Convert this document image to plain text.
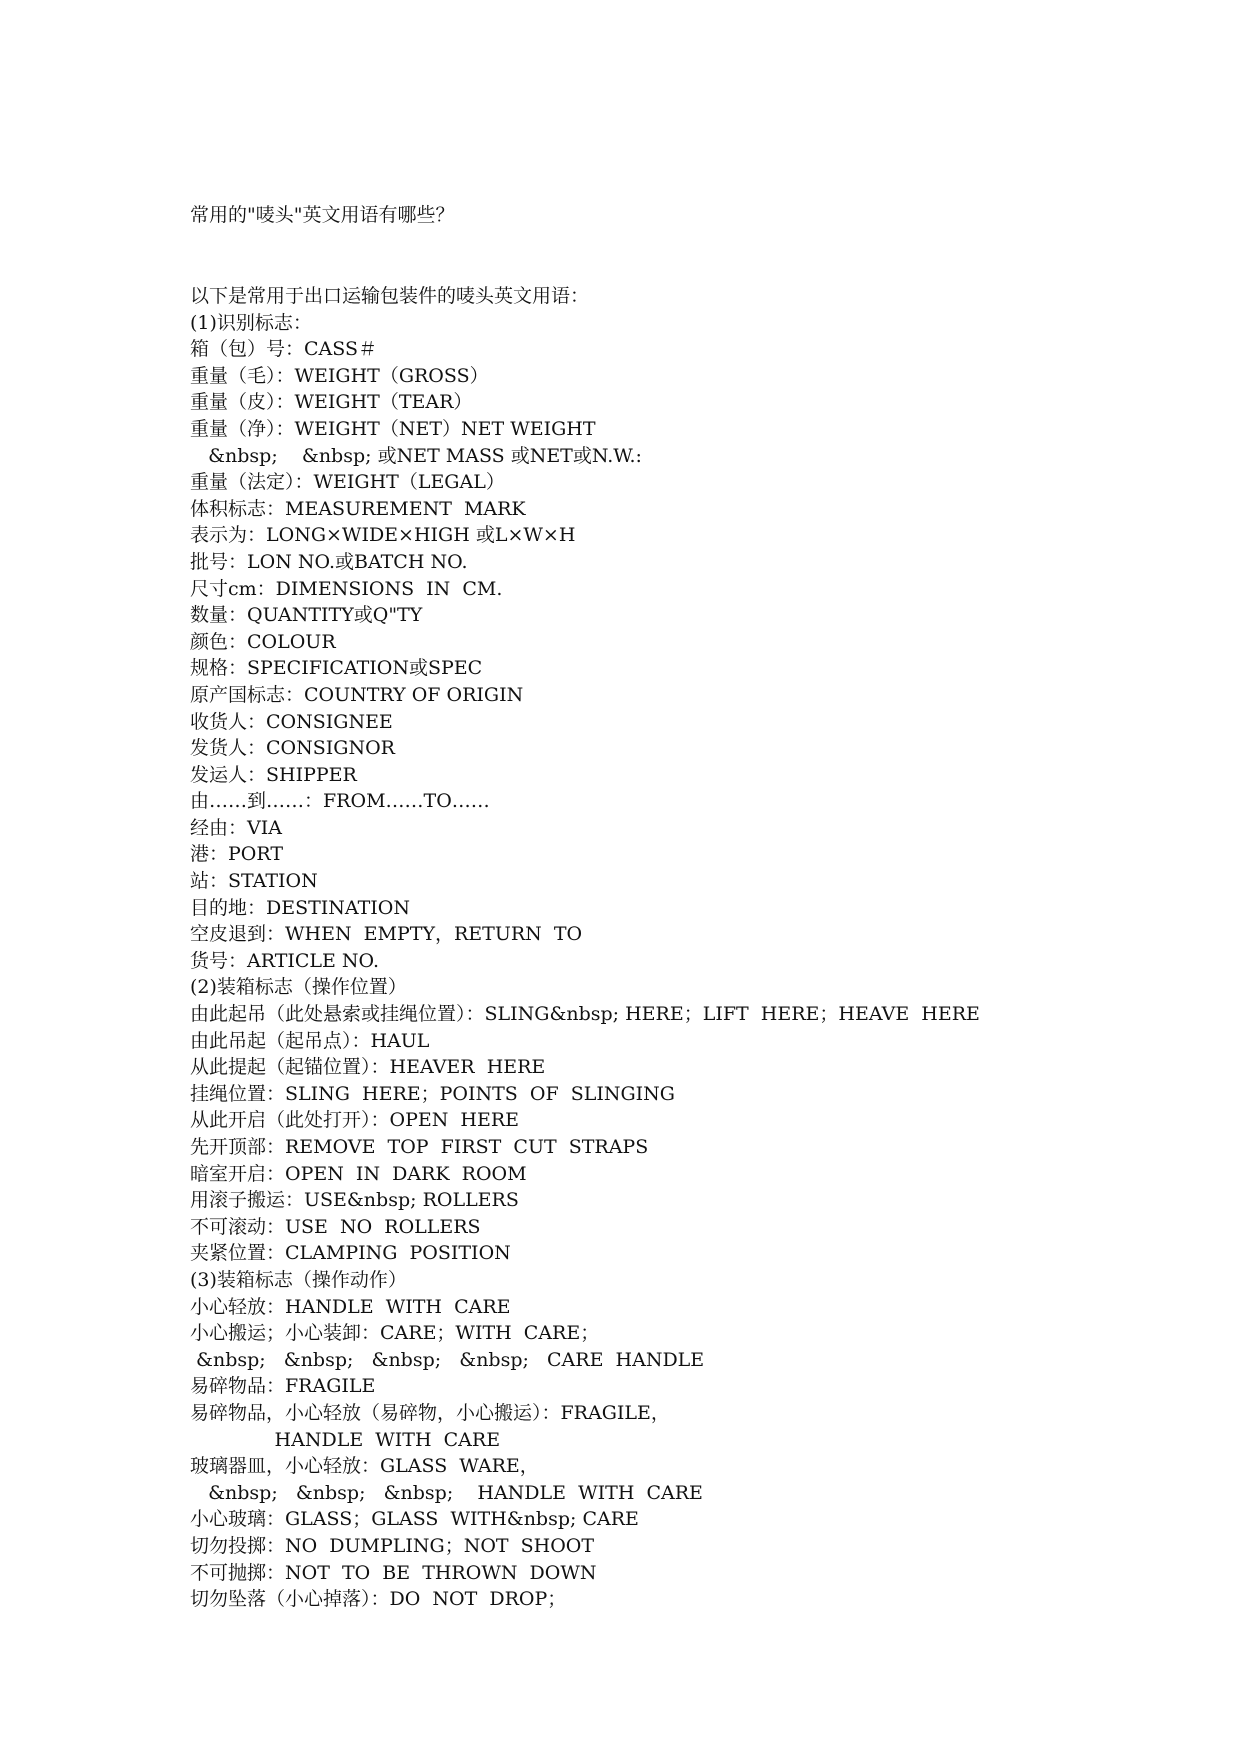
常用的"唛头"英文用语有哪些？
以下是常用于出口运输包装件的唛头英文用语：
(1)识别标志：
箱（包）号：CASS＃
重量（毛）：WEIGHT（GROSS）
重量（皮）：WEIGHT（TEAR）
重量（净）：WEIGHT（NET）NET WEIGHT
&nbsp;    &nbsp; 或NET MASS 或NET或N.W.:
重量（法定）：WEIGHT（LEGAL）
体积标志：MEASUREMENT  MARK
表示为：LONG×WIDE×HIGH 或L×W×H
批号：LON NO.或BATCH NO.
尺寸cm：DIMENSIONS  IN  CM.
数量：QUANTITY或Q"TY
颜色：COLOUR
规格：SPECIFICATION或SPEC
原产国标志：COUNTRY OF ORIGIN
收货人：CONSIGNEE
发货人：CONSIGNOR
发运人：SHIPPER
由……到……：FROM……TO……
经由：VIA
港：PORT
站：STATION
目的地：DESTINATION
空皮退到：WHEN  EMPTY，RETURN  TO
货号：ARTICLE NO.
(2)装箱标志（操作位置）
由此起吊（此处悬索或挂绳位置）：SLING&nbsp; HERE；LIFT  HERE；HEAVE  HERE
由此吊起（起吊点）：HAUL
从此提起（起锚位置）：HEAVER  HERE
挂绳位置：SLING  HERE；POINTS  OF  SLINGING
从此开启（此处打开）：OPEN  HERE
先开顶部：REMOVE  TOP  FIRST  CUT  STRAPS
暗室开启：OPEN  IN  DARK  ROOM
用滚子搬运：USE&nbsp; ROLLERS
不可滚动：USE  NO  ROLLERS
夹紧位置：CLAMPING  POSITION
(3)装箱标志（操作动作）
小心轻放：HANDLE  WITH  CARE
小心搬运；小心装卸：CARE；WITH  CARE；
&nbsp;   &nbsp;   &nbsp;   &nbsp;   CARE  HANDLE
易碎物品：FRAGILE
易碎物品，小心轻放（易碎物，小心搬运）：FRAGILE，
HANDLE  WITH  CARE
玻璃器皿，小心轻放：GLASS  WARE，
&nbsp;   &nbsp;   &nbsp;    HANDLE  WITH  CARE
小心玻璃：GLASS；GLASS  WITH&nbsp; CARE
切勿投掷：NO  DUMPLING；NOT  SHOOT
不可抛掷：NOT  TO  BE  THROWN  DOWN
切勿坠落（小心掉落）：DO  NOT  DROP；
